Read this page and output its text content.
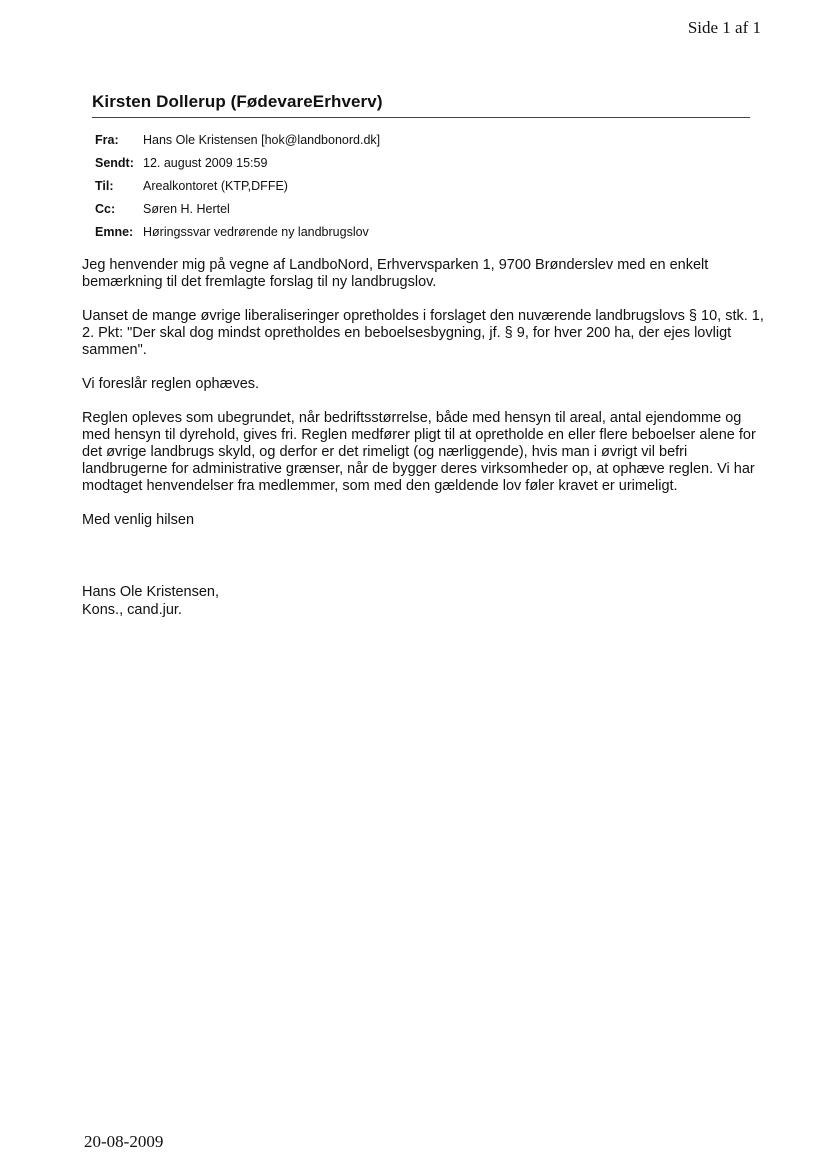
Side 1 af 1
Kirsten Dollerup (FødevareErhverv)
Fra:	Hans Ole Kristensen [hok@landbonord.dk]
Sendt: 12. august 2009 15:59
Til:	Arealkontoret (KTP,DFFE)
Cc:	Søren H. Hertel
Emne: Høringssvar vedrørende ny landbrugslov

Jeg henvender mig på vegne af LandboNord, Erhvervsparken 1, 9700 Brønderslev med en enkelt bemærkning til det fremlagte forslag til ny landbrugslov.

Uanset de mange øvrige liberaliseringer opretholdes i forslaget den nuværende landbrugslovs § 10, stk. 1, 2. Pkt: "Der skal dog mindst opretholdes en beboelsesbygning, jf. § 9, for hver 200 ha, der ejes lovligt sammen".

Vi foreslår reglen ophæves.

Reglen opleves som ubegrundet, når bedriftsstørrelse, både med hensyn til areal, antal ejendomme og med hensyn til dyrehold, gives fri. Reglen medfører pligt til at opretholde en eller flere beboelser alene for det øvrige landbrugs skyld, og derfor er det rimeligt (og nærliggende), hvis man i øvrigt vil befri landbrugerne for administrative grænser, når de bygger deres virksomheder op, at ophæve reglen. Vi har modtaget henvendelser fra medlemmer, som med den gældende lov føler kravet er urimeligt.

Med venlig hilsen

Hans Ole Kristensen,
Kons., cand.jur.
20-08-2009
